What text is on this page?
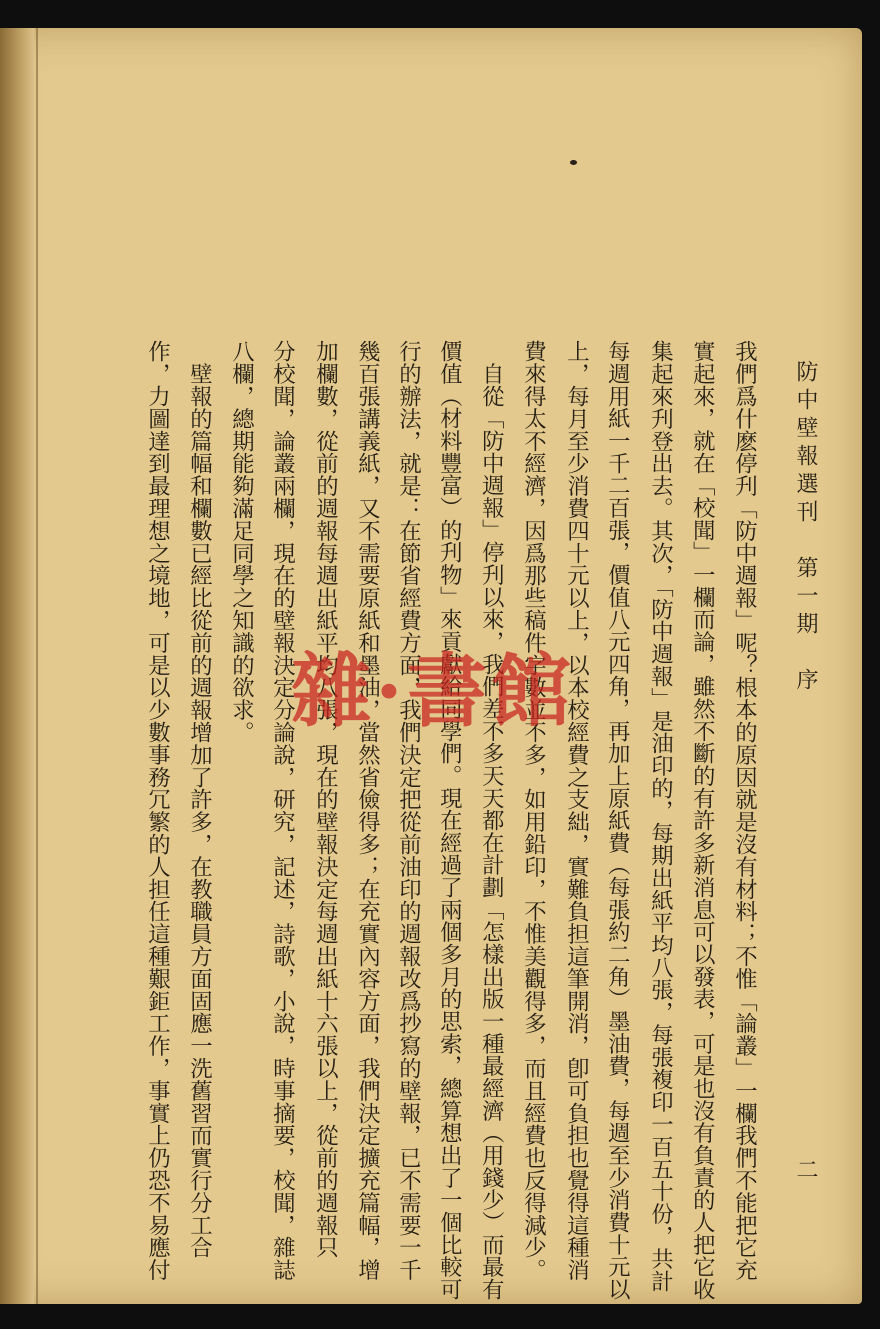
防中壁報選刊　第一期　序
二
我們爲什麽停刋「防中週報」呢？根本的原因就是沒有材料；不惟「論叢」一欄我們不能把它充
實起來，就在「校聞」一欄而論，雖然不斷的有許多新消息可以發表，可是也沒有負責的人把它收
集起來刋登出去。其次，「防中週報」是油印的，每期出紙平均八張，每張複印一百五十份，共計
每週用紙一千二百張，價值八元四角，再加上原紙費（每張約二角）墨油費，每週至少消費十元以
上，每月至少消費四十元以上，以本校經費之支絀，實難負担這筆開消，卽可負担也覺得這種消
費來得太不經濟，因爲那些稿件字數並不多，如用鉛印，不惟美觀得多，而且經費也反得減少。
　自從「防中週報」停刋以來，我們差不多天天都在計劃「怎樣出版一種最經濟（用錢少）而最有
價值（材料豐富）的刋物」來貢獻給同學們。現在經過了兩個多月的思索，總算想出了一個比較可
行的辦法，就是：在節省經費方面，我們決定把從前油印的週報改爲抄寫的壁報，已不需要一千
幾百張講義紙，又不需要原紙和墨油，當然省儉得多；在充實內容方面，我們決定擴充篇幅，增
加欄數，從前的週報每週出紙平均八張，現在的壁報決定每週出紙十六張以上，從前的週報只
分校聞，論叢兩欄，現在的壁報決定分論說，研究，記述，詩歌，小說，時事摘要，校聞，雜誌
八欄，總期能夠滿足同學之知識的欲求。
　壁報的篇幅和欄數已經比從前的週報增加了許多，在教職員方面固應一洗舊習而實行分工合
作，力圖達到最理想之境地，可是以少數事務冗繁的人担任這種艱鉅工作，事實上仍恐不易應付 雜·書館
